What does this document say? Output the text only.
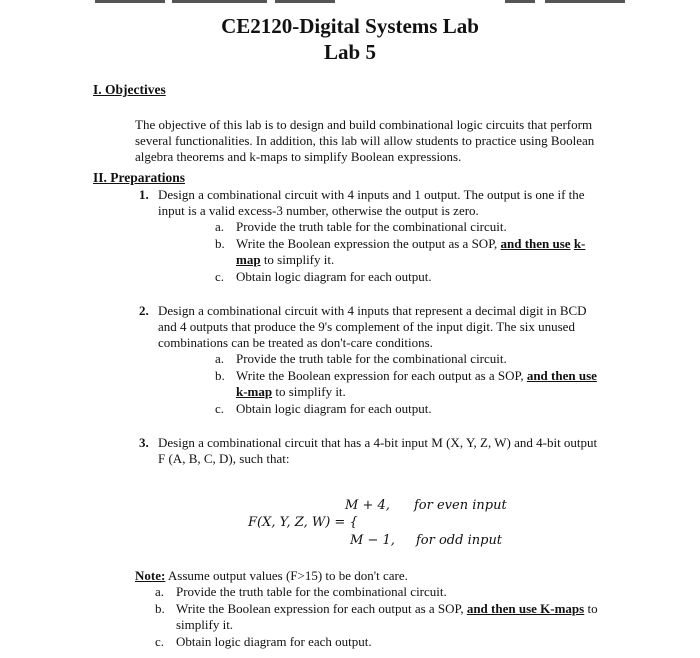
CE2120-Digital Systems Lab
Lab 5
I. Objectives
The objective of this lab is to design and build combinational logic circuits that perform
several functionalities. In addition, this lab will allow students to practice using Boolean
algebra theorems and k-maps to simplify Boolean expressions.
II. Preparations
1. Design a combinational circuit with 4 inputs and 1 output. The output is one if the
input is a valid excess-3 number, otherwise the output is zero.
a. Provide the truth table for the combinational circuit.
b. Write the Boolean expression the output as a SOP, and then use k-
map to simplify it.
c. Obtain logic diagram for each output.
2. Design a combinational circuit with 4 inputs that represent a decimal digit in BCD
and 4 outputs that produce the 9's complement of the input digit. The six unused
combinations can be treated as don't-care conditions.
a. Provide the truth table for the combinational circuit.
b. Write the Boolean expression for each output as a SOP, and then use
k-map to simplify it.
c. Obtain logic diagram for each output.
3. Design a combinational circuit that has a 4-bit input M (X, Y, Z, W) and 4-bit output
F (A, B, C, D), such that:
M + 4, for even input
F(X, Y, Z, W) = {
M − 1, for odd input
Note: Assume output values (F>15) to be don't care.
a. Provide the truth table for the combinational circuit.
b. Write the Boolean expression for each output as a SOP, and then use K-maps to
simplify it.
c. Obtain logic diagram for each output.
